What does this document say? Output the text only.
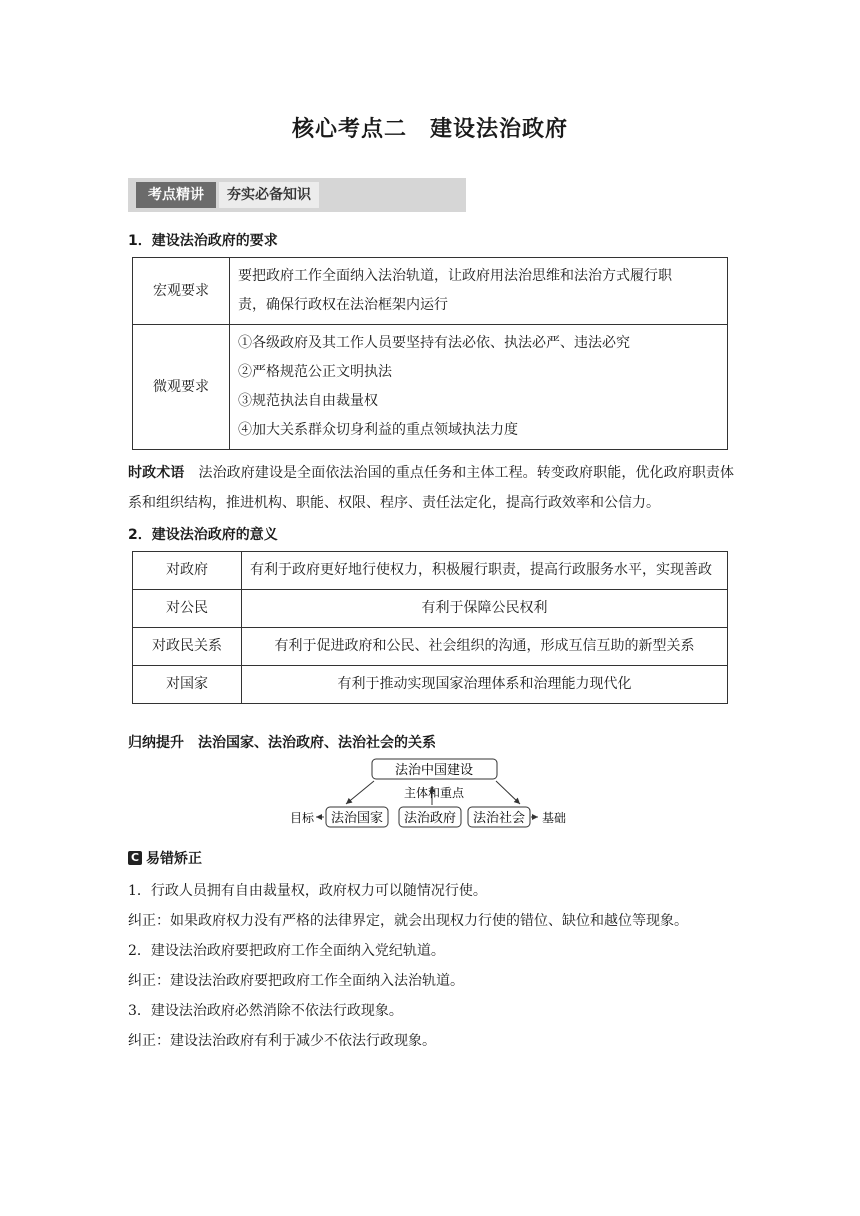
核心考点二　建设法治政府
考点精讲	夯实必备知识
1．建设法治政府的要求
宏观要求	要把政府工作全面纳入法治轨道，让政府用法治思维和法治方式履行职
责，确保行政权在法治框架内运行

微观要求	①各级政府及其工作人员要坚持有法必依、执法必严、违法必究
②严格规范公正文明执法
③规范执法自由裁量权
④加大关系群众切身利益的重点领域执法力度
时政术语　法治政府建设是全面依法治国的重点任务和主体工程。转变政府职能，优化政府职责体系和组织结构，推进机构、职能、权限、程序、责任法定化，提高行政效率和公信力。
2．建设法治政府的意义
对政府	有利于政府更好地行使权力，积极履行职责，提高行政服务水平，实现善政
对公民	有利于保障公民权利
对政民关系	有利于促进政府和公民、社会组织的沟通，形成互信互助的新型关系
对国家	有利于推动实现国家治理体系和治理能力现代化
归纳提升　法治国家、法治政府、法治社会的关系
法治中国建设
主体和重点
法治国家 法治政府 法治社会
目标	基础
C 易错矫正
1．行政人员拥有自由裁量权，政府权力可以随情况行使。
纠正：如果政府权力没有严格的法律界定，就会出现权力行使的错位、缺位和越位等现象。
2．建设法治政府要把政府工作全面纳入党纪轨道。
纠正：建设法治政府要把政府工作全面纳入法治轨道。
3．建设法治政府必然消除不依法行政现象。
纠正：建设法治政府有利于减少不依法行政现象。
